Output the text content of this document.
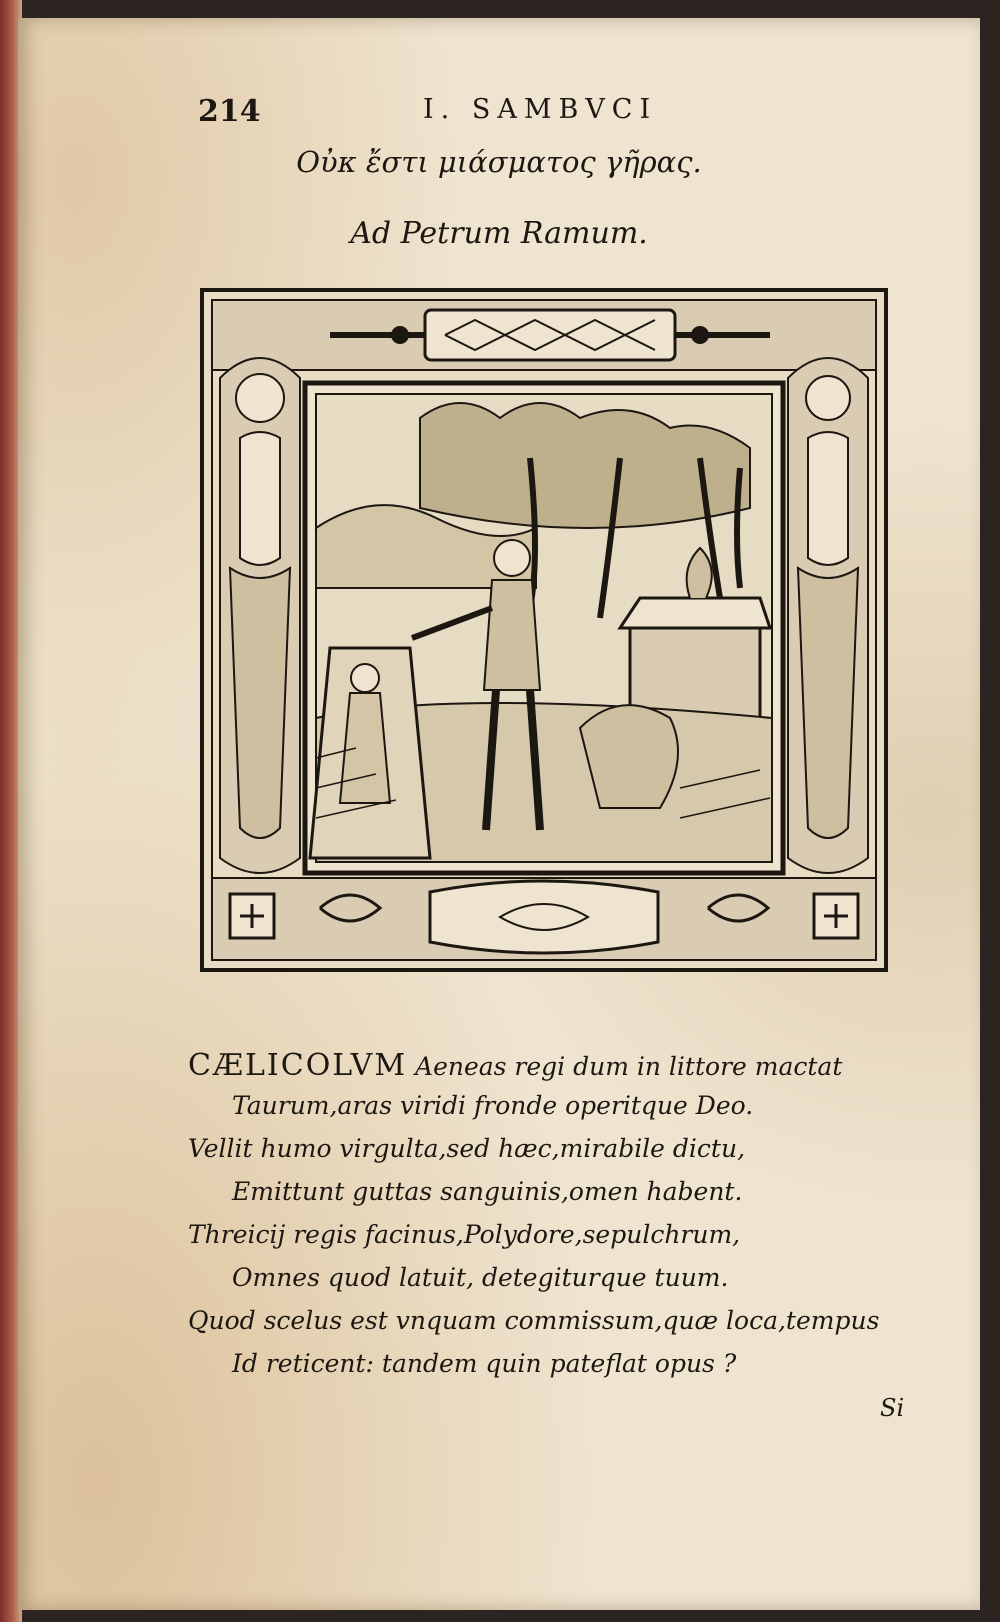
214	I. SAMBVCI
Οὐκ ἔστι μιάσματος γῆρας.
Ad Petrum Ramum.
CÆLICOLVM Aeneas regi dum in littore mactat
Taurum,aras viridi fronde operitque Deo.
Vellit humo virgulta,sed hæc,mirabile dictu,
Emittunt guttas sanguinis,omen habent.
Threicij regis facinus,Polydore,sepulchrum,
Omnes quod latuit, detegiturque tuum.
Quod scelus est vnquam commissum,quæ loca,tempus
Id reticent: tandem quin pateflat opus ?
Si
